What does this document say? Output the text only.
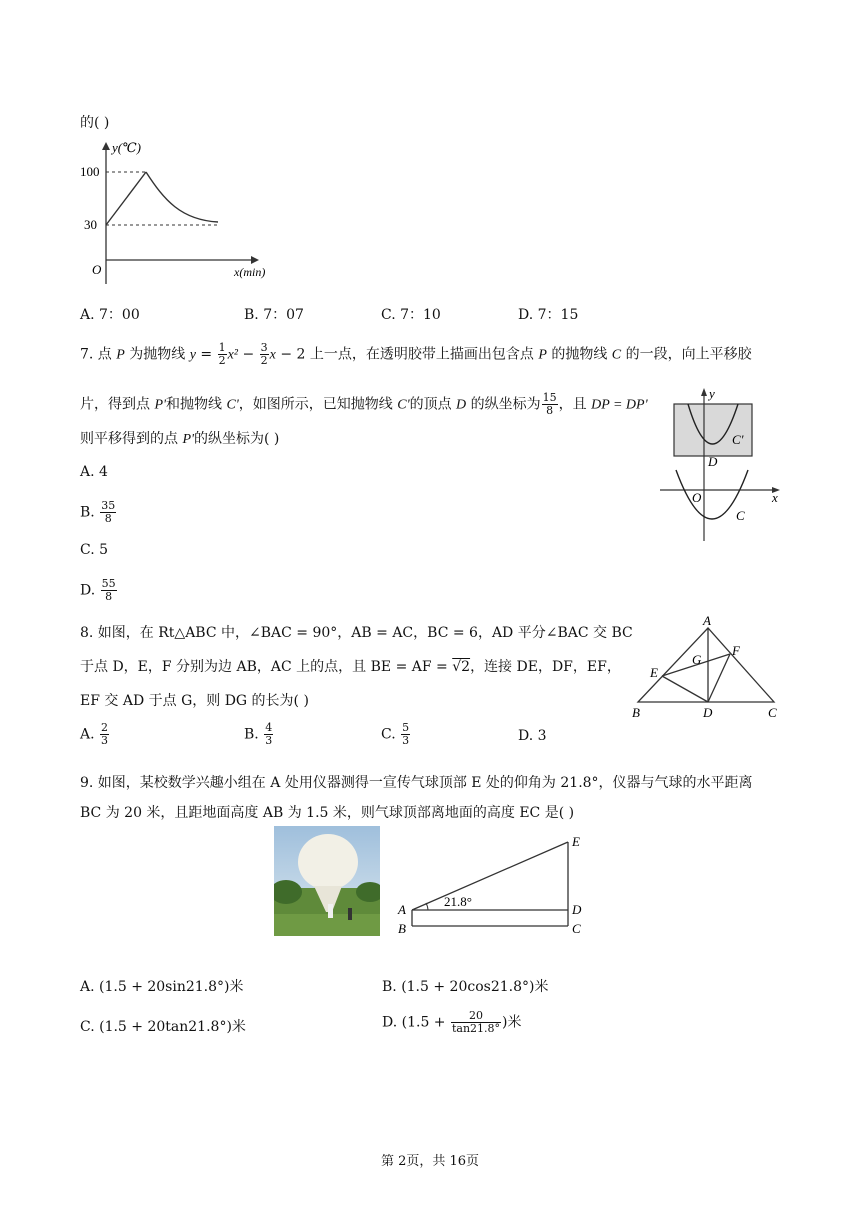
的( )
y(℃)
100
30
O	x(min)
A. 7：00	B. 7：07	C. 7：10	D. 7：15
7. 点 P 为抛物线 $y = \frac{1}{2} x^2 - \frac{3}{2}$ x − 2 上一点，在透明胶带上描画出包含点 P 的抛物线 C 的一段，向上平移胶
片，得到点 P'和抛物线 C'，如图所示，已知抛物线 C'的顶点 D 的纵坐标为 $\frac{15}{8}$ ，且 DP = DP'
则平移得到的点 P'的纵坐标为( )
A. 4
B. $\frac{35}{8}$
C. 5
D. $\frac{55}{8}$
y
x
O
C'
D
C
8. 如图，在 Rt△ABC 中，∠BAC = 90°，AB = AC，BC = 6，AD 平分∠BAC 交 BC
于点 D，E，F 分别为边 AB，AC 上的点，且 BE = AF = √2，连接 DE，DF，EF，
EF 交 AD 于点 G，则 DG 的长为( )
A. $\frac{2}{3}$	B. $\frac{4}{3}$	C. $\frac{5}{3}$	D. 3
A
B	C
D
E
F
G
9. 如图，某校数学兴趣小组在 A 处用仪器测得一宣传气球顶部 E 处的仰角为 21.8°，仪器与气球的水平距离
BC 为 20 米，且距地面高度 AB 为 1.5 米，则气球顶部离地面的高度 EC 是( )
21.8°
A
B	C
D
E
A. (1.5 + 20sin21.8°)米	B. (1.5 + 20cos21.8°)米
C. (1.5 + 20tan21.8°)米	D. ($1.5 + \frac{20}{\tan 21.8^\circ}$ )米
第 2页，共 16页
